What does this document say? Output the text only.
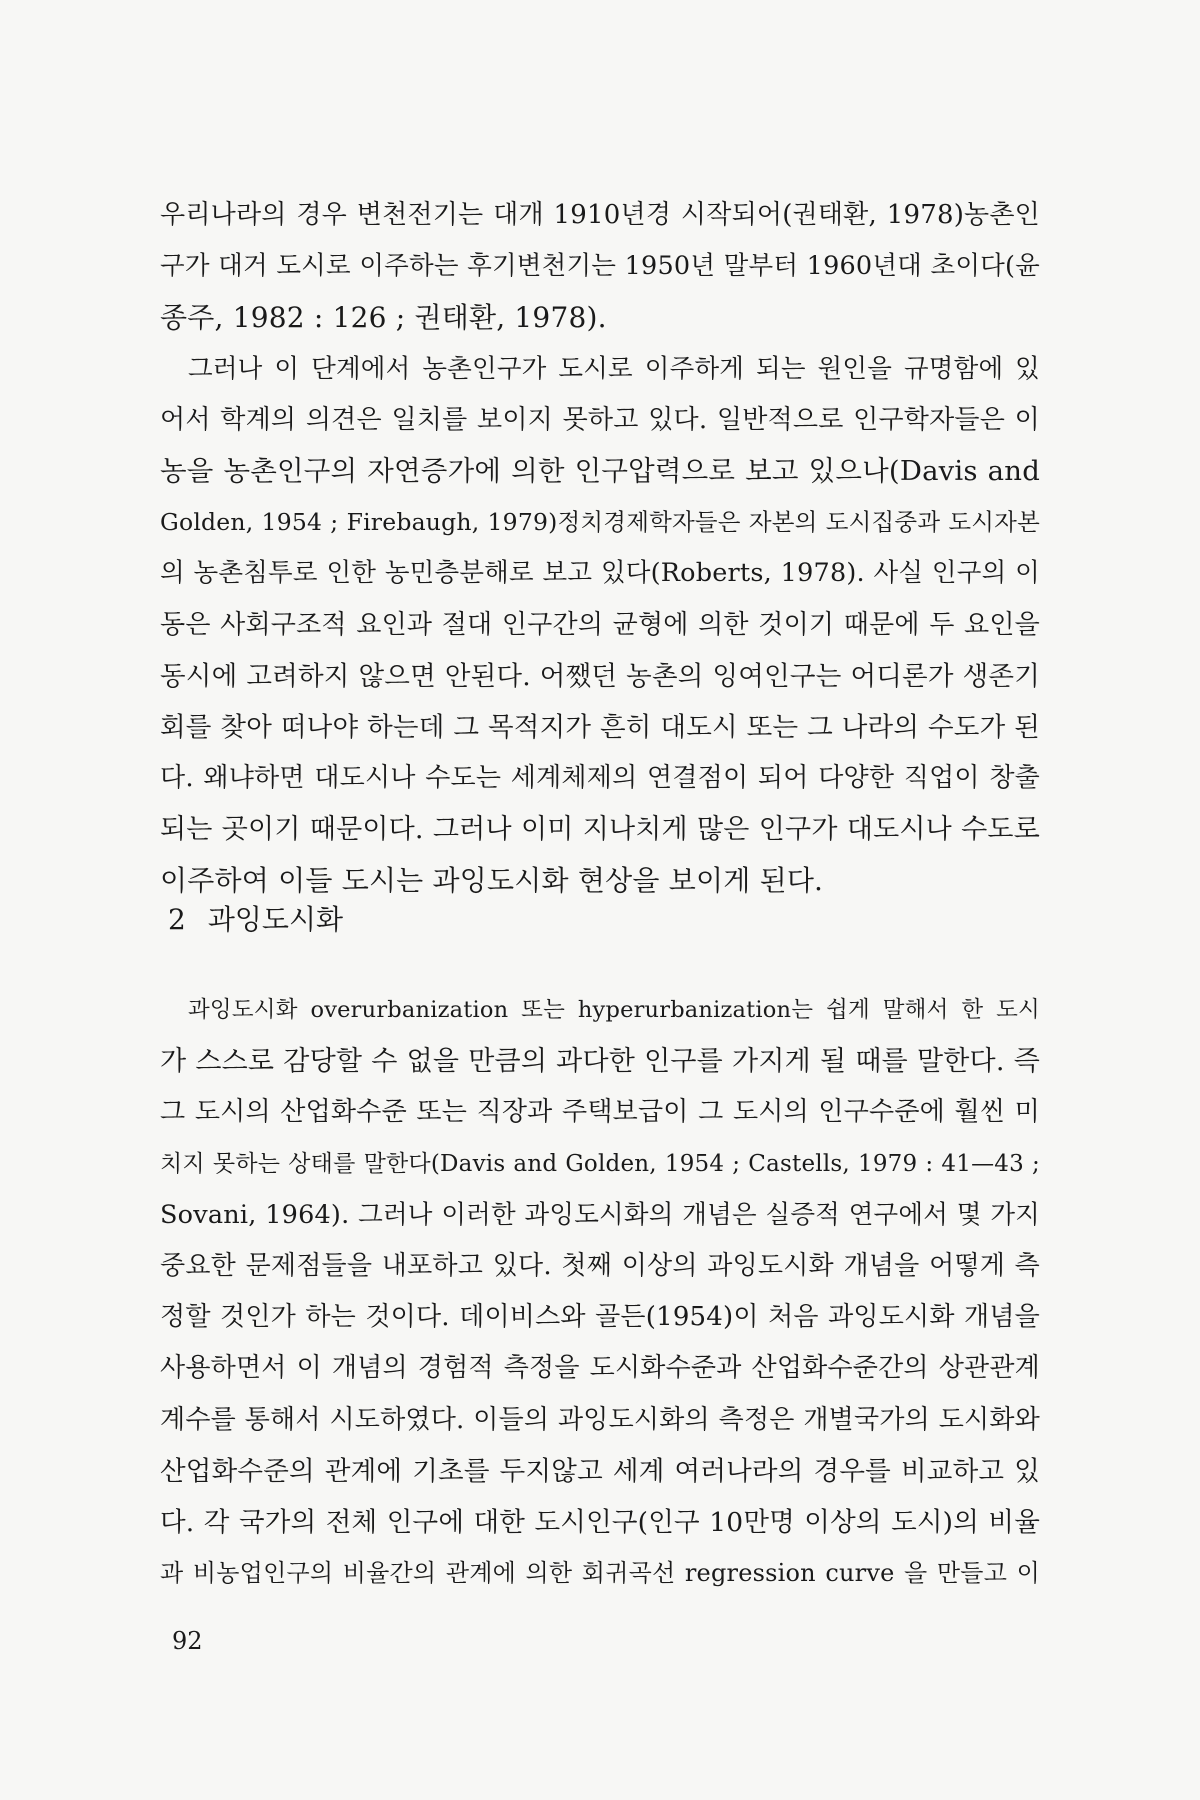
우리나라의 경우 변천전기는 대개 1910년경 시작되어(권태환, 1978)농촌인
구가 대거 도시로 이주하는 후기변천기는 1950년 말부터 1960년대 초이다(윤
종주, 1982 : 126 ; 권태환, 1978).
그러나 이 단계에서 농촌인구가 도시로 이주하게 되는 원인을 규명함에 있
어서 학계의 의견은 일치를 보이지 못하고 있다. 일반적으로 인구학자들은 이
농을 농촌인구의 자연증가에 의한 인구압력으로 보고 있으나(Davis and
Golden, 1954 ; Firebaugh, 1979)정치경제학자들은 자본의 도시집중과 도시자본
의 농촌침투로 인한 농민층분해로 보고 있다(Roberts, 1978). 사실 인구의 이
동은 사회구조적 요인과 절대 인구간의 균형에 의한 것이기 때문에 두 요인을
동시에 고려하지 않으면 안된다. 어쨌던 농촌의 잉여인구는 어디론가 생존기
회를 찾아 떠나야 하는데 그 목적지가 흔히 대도시 또는 그 나라의 수도가 된
다. 왜냐하면 대도시나 수도는 세계체제의 연결점이 되어 다양한 직업이 창출
되는 곳이기 때문이다. 그러나 이미 지나치게 많은 인구가 대도시나 수도로
이주하여 이들 도시는 과잉도시화 현상을 보이게 된다.
2 과잉도시화
과잉도시화 overurbanization 또는 hyperurbanization는 쉽게 말해서 한 도시
가 스스로 감당할 수 없을 만큼의 과다한 인구를 가지게 될 때를 말한다. 즉
그 도시의 산업화수준 또는 직장과 주택보급이 그 도시의 인구수준에 훨씬 미
치지 못하는 상태를 말한다(Davis and Golden, 1954 ; Castells, 1979 : 41—43 ;
Sovani, 1964). 그러나 이러한 과잉도시화의 개념은 실증적 연구에서 몇 가지
중요한 문제점들을 내포하고 있다. 첫째 이상의 과잉도시화 개념을 어떻게 측
정할 것인가 하는 것이다. 데이비스와 골든(1954)이 처음 과잉도시화 개념을
사용하면서 이 개념의 경험적 측정을 도시화수준과 산업화수준간의 상관관계
계수를 통해서 시도하였다. 이들의 과잉도시화의 측정은 개별국가의 도시화와
산업화수준의 관계에 기초를 두지않고 세계 여러나라의 경우를 비교하고 있
다. 각 국가의 전체 인구에 대한 도시인구(인구 10만명 이상의 도시)의 비율
과 비농업인구의 비율간의 관계에 의한 회귀곡선 regression curve 을 만들고 이
92
